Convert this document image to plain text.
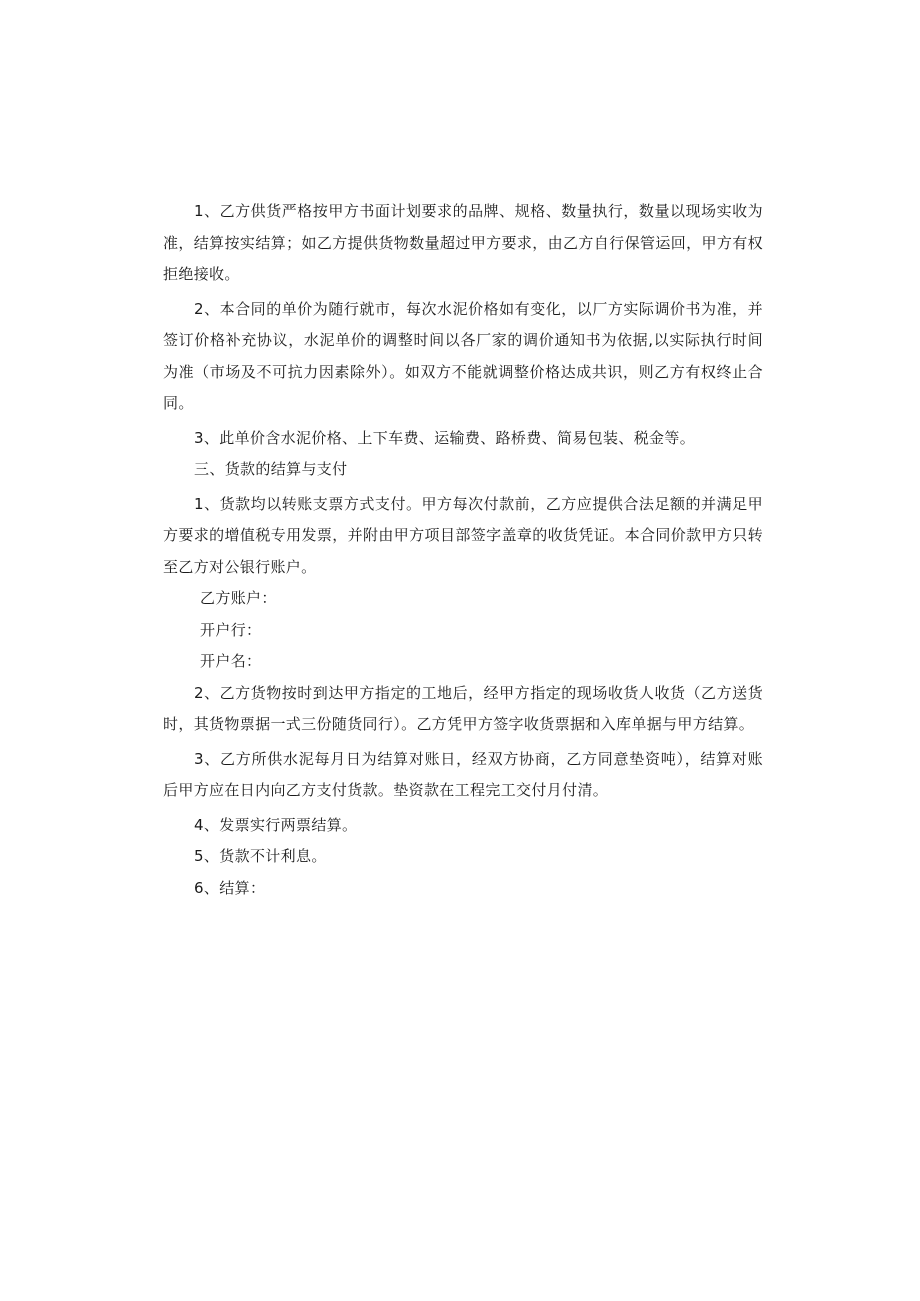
1、乙方供货严格按甲方书面计划要求的品牌、规格、数量执行，数量以现场实收为准，结算按实结算；如乙方提供货物数量超过甲方要求，由乙方自行保管运回，甲方有权拒绝接收。

2、本合同的单价为随行就市，每次水泥价格如有变化，以厂方实际调价书为准，并签订价格补充协议，水泥单价的调整时间以各厂家的调价通知书为依据,以实际执行时间为准（市场及不可抗力因素除外）。如双方不能就调整价格达成共识，则乙方有权终止合同。

3、此单价含水泥价格、上下车费、运输费、路桥费、简易包装、税金等。

三、货款的结算与支付

1、货款均以转账支票方式支付。甲方每次付款前，乙方应提供合法足额的并满足甲方要求的增值税专用发票，并附由甲方项目部签字盖章的收货凭证。本合同价款甲方只转至乙方对公银行账户。

乙方账户：

开户行：

开户名：

2、乙方货物按时到达甲方指定的工地后，经甲方指定的现场收货人收货（乙方送货时，其货物票据一式三份随货同行）。乙方凭甲方签字收货票据和入库单据与甲方结算。

3、乙方所供水泥每月日为结算对账日，经双方协商，乙方同意垫资吨），结算对账后甲方应在日内向乙方支付货款。垫资款在工程完工交付月付清。

4、发票实行两票结算。

5、货款不计利息。

6、结算：
